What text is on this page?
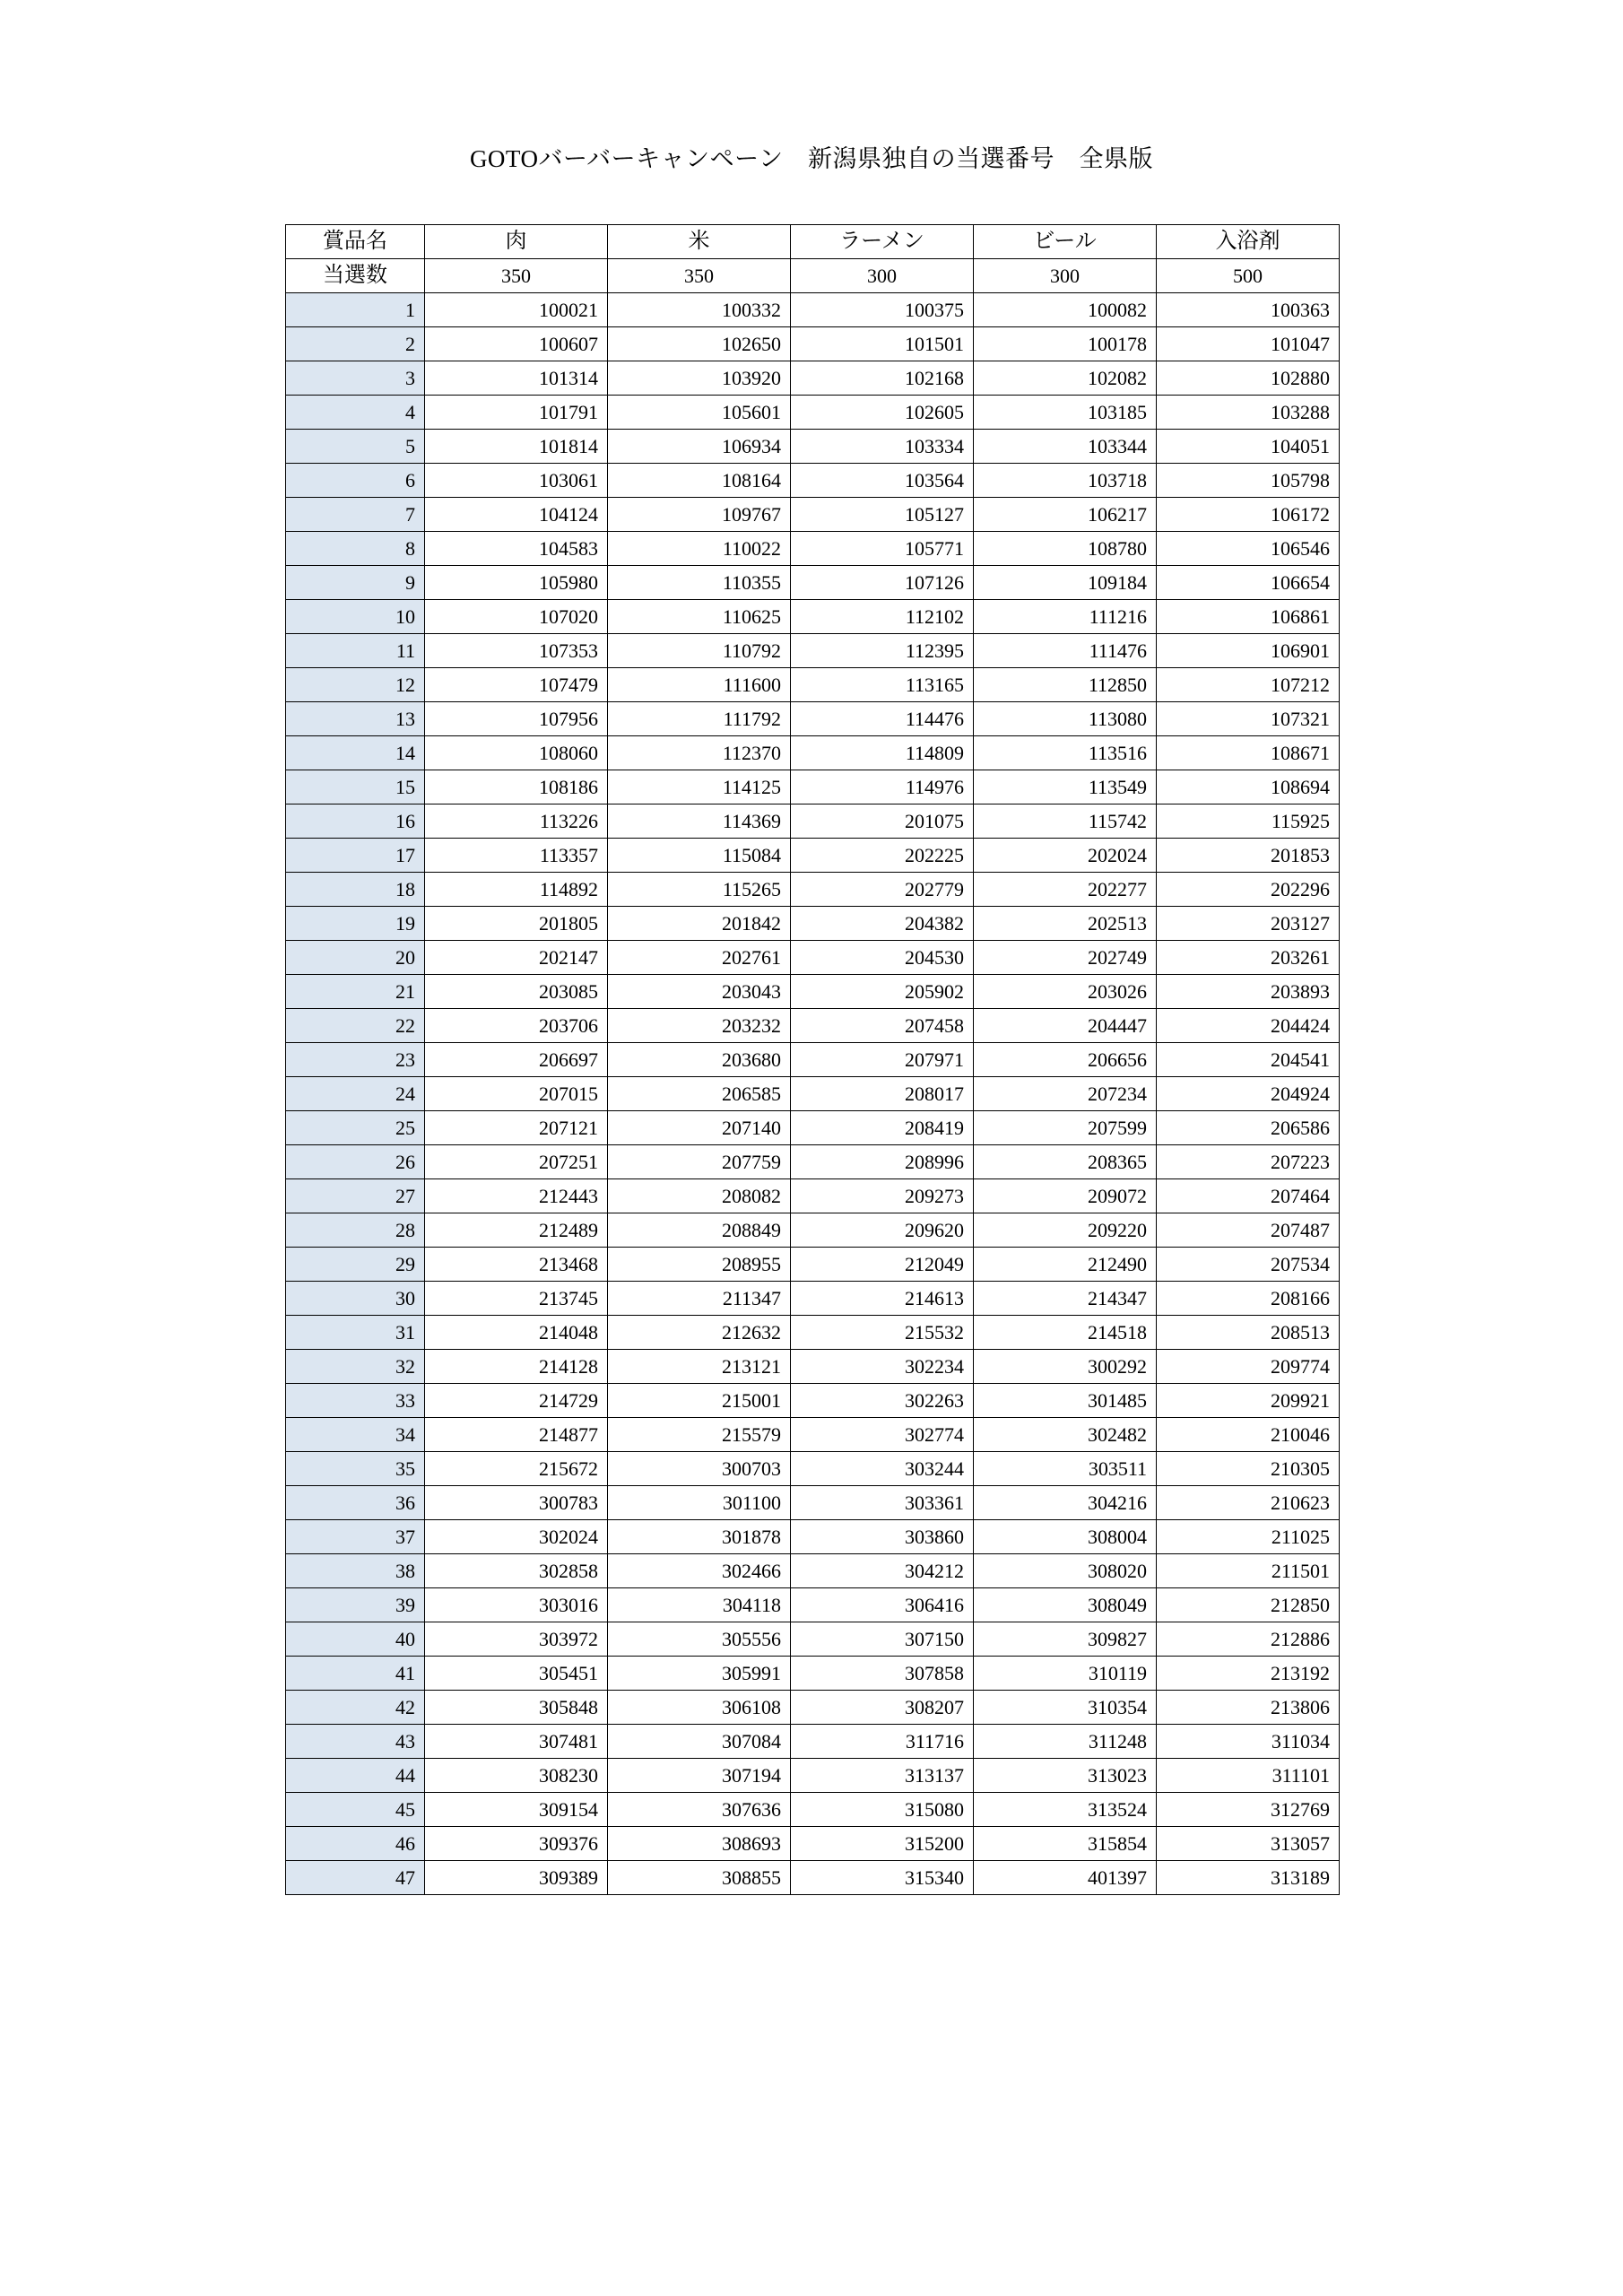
GOTOバーバーキャンペーン　新潟県独自の当選番号　全県版
賞品名	肉	米	ラーメン	ビール	入浴剤
当選数	350	350	300	300	500
1	100021	100332	100375	100082	100363
2	100607	102650	101501	100178	101047
3	101314	103920	102168	102082	102880
4	101791	105601	102605	103185	103288
5	101814	106934	103334	103344	104051
6	103061	108164	103564	103718	105798
7	104124	109767	105127	106217	106172
8	104583	110022	105771	108780	106546
9	105980	110355	107126	109184	106654
10	107020	110625	112102	111216	106861
11	107353	110792	112395	111476	106901
12	107479	111600	113165	112850	107212
13	107956	111792	114476	113080	107321
14	108060	112370	114809	113516	108671
15	108186	114125	114976	113549	108694
16	113226	114369	201075	115742	115925
17	113357	115084	202225	202024	201853
18	114892	115265	202779	202277	202296
19	201805	201842	204382	202513	203127
20	202147	202761	204530	202749	203261
21	203085	203043	205902	203026	203893
22	203706	203232	207458	204447	204424
23	206697	203680	207971	206656	204541
24	207015	206585	208017	207234	204924
25	207121	207140	208419	207599	206586
26	207251	207759	208996	208365	207223
27	212443	208082	209273	209072	207464
28	212489	208849	209620	209220	207487
29	213468	208955	212049	212490	207534
30	213745	211347	214613	214347	208166
31	214048	212632	215532	214518	208513
32	214128	213121	302234	300292	209774
33	214729	215001	302263	301485	209921
34	214877	215579	302774	302482	210046
35	215672	300703	303244	303511	210305
36	300783	301100	303361	304216	210623
37	302024	301878	303860	308004	211025
38	302858	302466	304212	308020	211501
39	303016	304118	306416	308049	212850
40	303972	305556	307150	309827	212886
41	305451	305991	307858	310119	213192
42	305848	306108	308207	310354	213806
43	307481	307084	311716	311248	311034
44	308230	307194	313137	313023	311101
45	309154	307636	315080	313524	312769
46	309376	308693	315200	315854	313057
47	309389	308855	315340	401397	313189
